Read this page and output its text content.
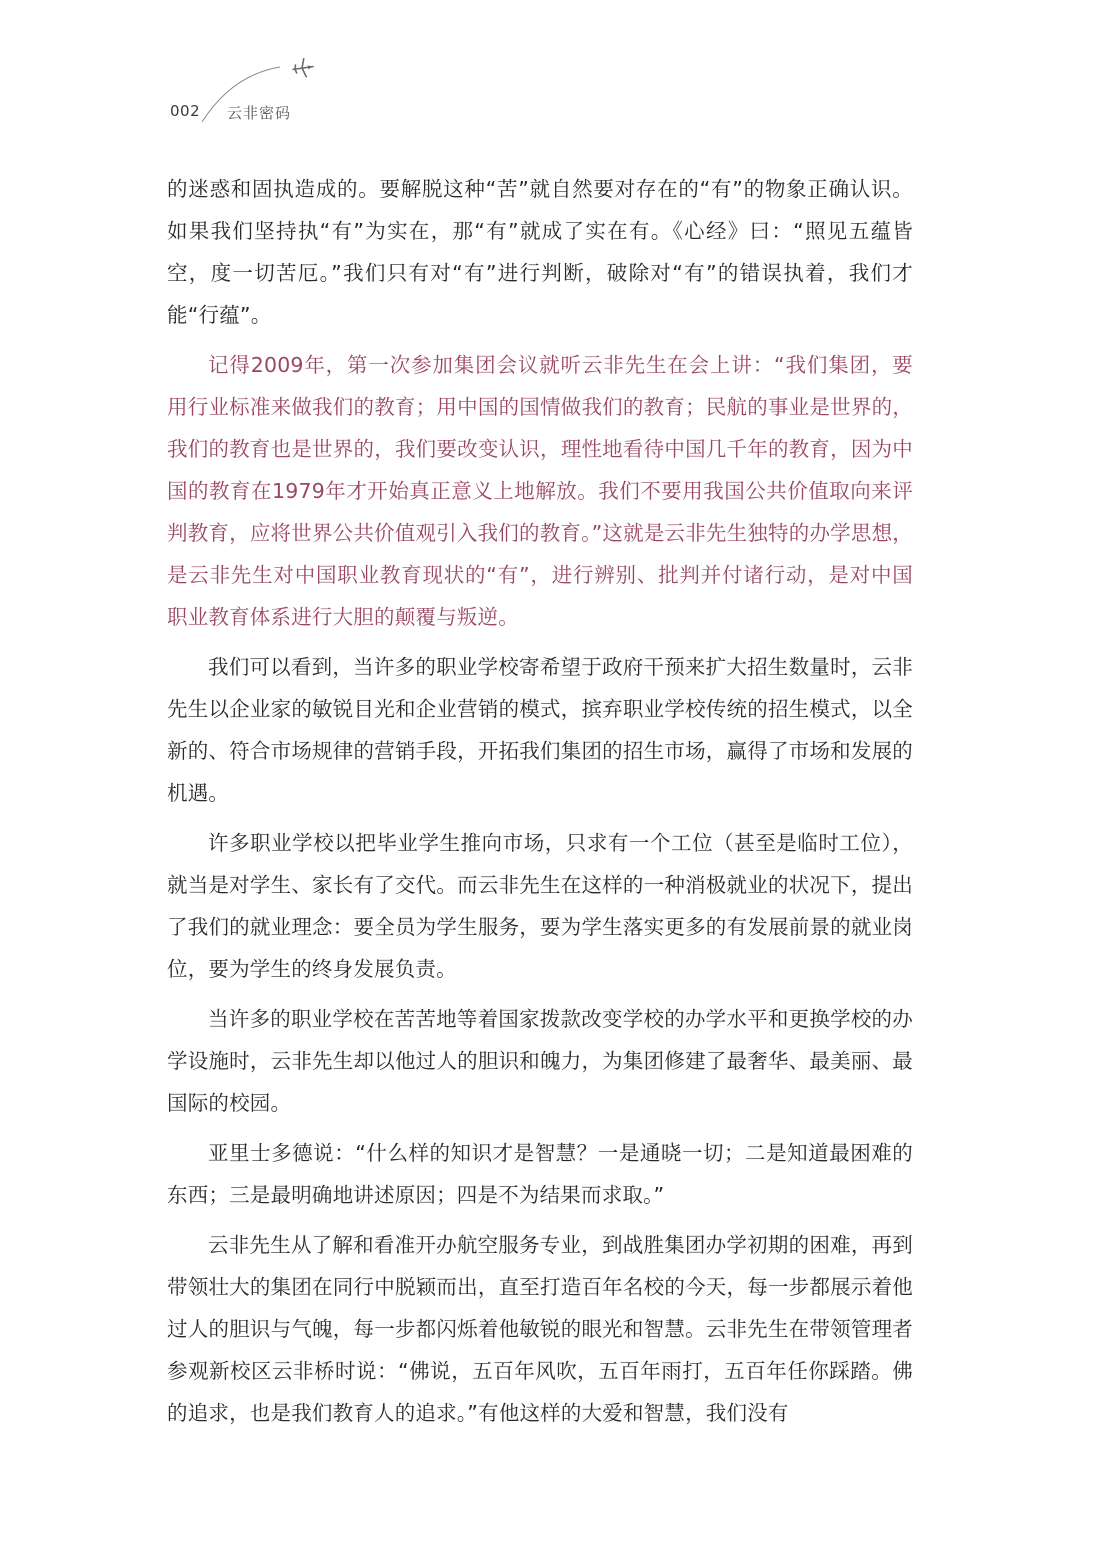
002 云非密码

的迷惑和固执造成的。要解脱这种“苦”就自然要对存在的“有”的物象正确认识。如果我们坚持执“有”为实在，那“有”就成了实在有。《心经》曰：“照见五蕴皆空，度一切苦厄。”我们只有对“有”进行判断，破除对“有”的错误执着，我们才能“行蕴”。

记得2009年，第一次参加集团会议就听云非先生在会上讲：“我们集团，要用行业标准来做我们的教育；用中国的国情做我们的教育；民航的事业是世界的，我们的教育也是世界的，我们要改变认识，理性地看待中国几千年的教育，因为中国的教育在1979年才开始真正意义上地解放。我们不要用我国公共价值取向来评判教育，应将世界公共价值观引入我们的教育。”这就是云非先生独特的办学思想，是云非先生对中国职业教育现状的“有”，进行辨别、批判并付诸行动，是对中国职业教育体系进行大胆的颠覆与叛逆。

我们可以看到，当许多的职业学校寄希望于政府干预来扩大招生数量时，云非先生以企业家的敏锐目光和企业营销的模式，摈弃职业学校传统的招生模式，以全新的、符合市场规律的营销手段，开拓我们集团的招生市场，赢得了市场和发展的机遇。

许多职业学校以把毕业学生推向市场，只求有一个工位（甚至是临时工位），就当是对学生、家长有了交代。而云非先生在这样的一种消极就业的状况下，提出了我们的就业理念：要全员为学生服务，要为学生落实更多的有发展前景的就业岗位，要为学生的终身发展负责。

当许多的职业学校在苦苦地等着国家拨款改变学校的办学水平和更换学校的办学设施时，云非先生却以他过人的胆识和魄力，为集团修建了最奢华、最美丽、最国际的校园。

亚里士多德说：“什么样的知识才是智慧？一是通晓一切；二是知道最困难的东西；三是最明确地讲述原因；四是不为结果而求取。”

云非先生从了解和看准开办航空服务专业，到战胜集团办学初期的困难，再到带领壮大的集团在同行中脱颖而出，直至打造百年名校的今天，每一步都展示着他过人的胆识与气魄，每一步都闪烁着他敏锐的眼光和智慧。云非先生在带领管理者参观新校区云非桥时说：“佛说，五百年风吹，五百年雨打，五百年任你踩踏。佛的追求，也是我们教育人的追求。”有他这样的大爱和智慧，我们没有
